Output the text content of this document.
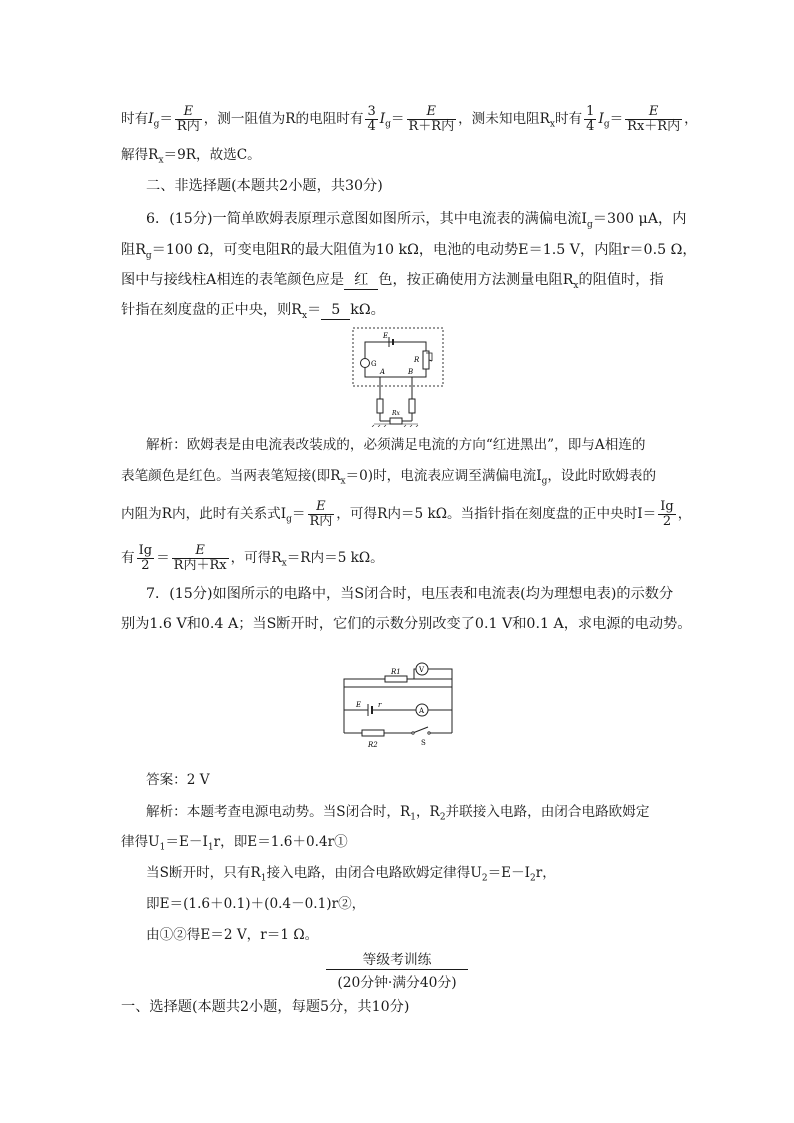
时有$I_g= \frac{E}{\text{R内}}$ ，测一阻值为R的电阻时有 $\frac{3}{4} I_g= \frac{E}{\text{R＋R内}}$ ，测未知电阻$R_x$时有 $\frac{1}{4} I_g= \frac{E}{\text{Rx＋R内}}$ ，
解得$R_x=9R$，故选C。
二、非选择题(本题共2小题，共30分)
6．(15分)一简单欧姆表原理示意图如图所示，其中电流表的满偏电流$I_g=300$ μA，内
阻$R_g=100$ Ω，可变电阻R的最大阻值为10 kΩ，电池的电动势E＝1.5 V，内阻r＝0.5 Ω，
图中与接线柱A相连的表笔颜色应是 红 色，按正确使用方法测量电阻$R_x$的阻值时，指
针指在刻度盘的正中央，则$R_x= 5$ kΩ。
E
R
G
A	B
Rx
解析：欧姆表是由电流表改装成的，必须满足电流的方向“红进黑出”，即与A相连的
表笔颜色是红色。当两表笔短接(即$R_x=0$)时，电流表应调至满偏电流$I_g$，设此时欧姆表的
内阻为R内，此时有关系式$I_g= \frac{E}{\text{R内}}$ ，可得R内＝5 kΩ。当指针指在刻度盘的正中央时$I= \frac{Ig}{2}$ ，
有 $\frac{Ig}{2} = \frac{E}{\text{R内＋Rx}}$ ，可得$R_x=R$内＝5 kΩ。
7．(15分)如图所示的电路中，当S闭合时，电压表和电流表(均为理想电表)的示数分
别为1.6 V和0.4 A；当S断开时，它们的示数分别改变了0.1 V和0.1 A，求电源的电动势。
R1	V
E r
A
R2	S
答案：2 V
解析：本题考查电源电动势。当S闭合时，$R_1$，$R_2$并联接入电路，由闭合电路欧姆定
律得$U_1=E-I_1r$，即E＝1.6＋0.4r①
当S断开时，只有$R_1$接入电路，由闭合电路欧姆定律得$U_2=E-I_2r$，
即E＝(1.6＋0.1)＋(0.4－0.1)r②，
由①②得E＝2 V，r＝1 Ω。
等级考训练
(20分钟·满分40分)
一、选择题(本题共2小题，每题5分，共10分)
